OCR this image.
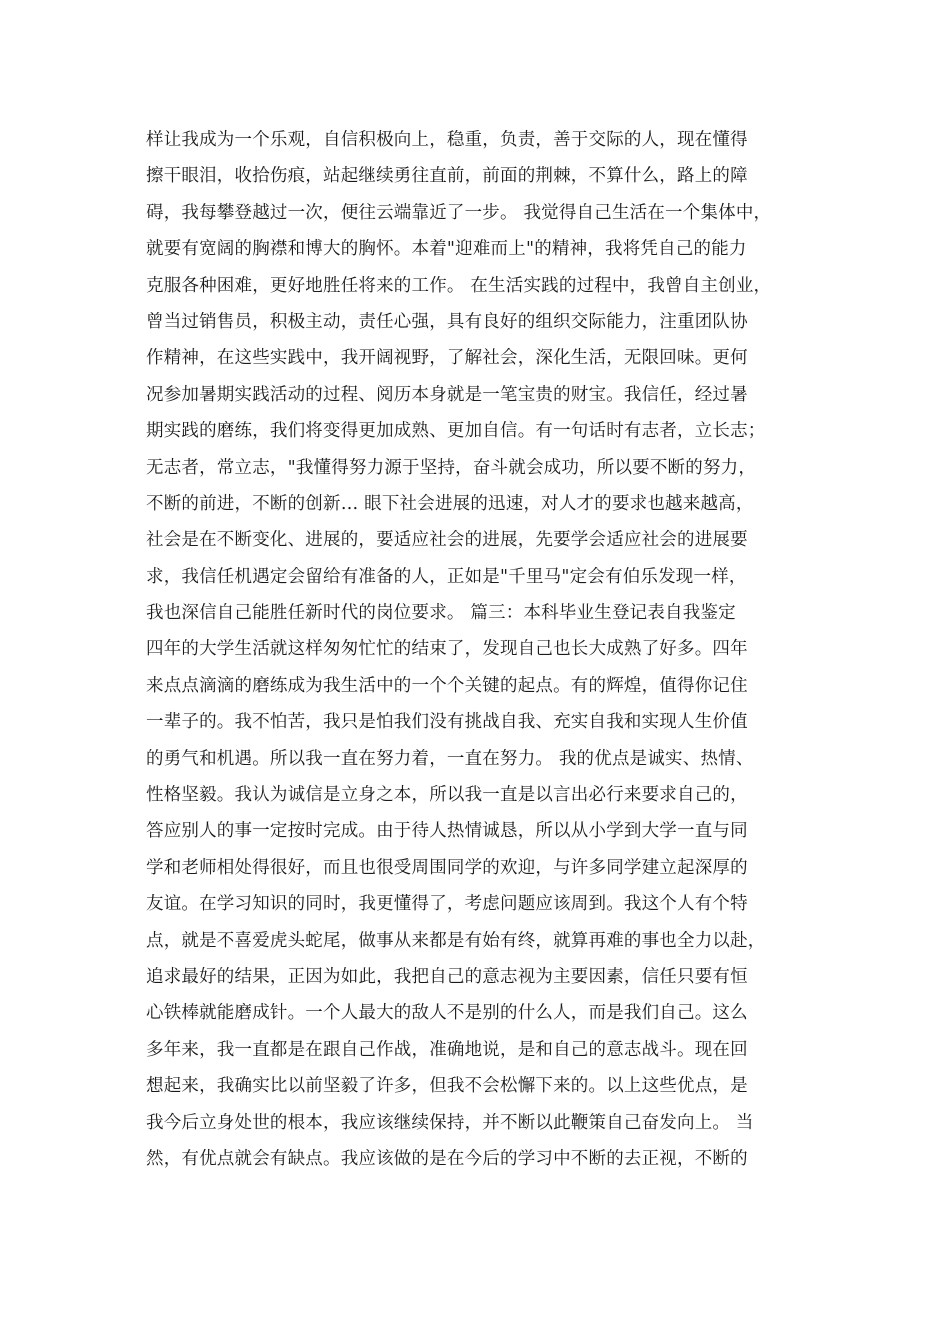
样让我成为一个乐观，自信积极向上，稳重，负责，善于交际的人，现在懂得
擦干眼泪，收拾伤痕，站起继续勇往直前，前面的荆棘，不算什么，路上的障
碍，我每攀登越过一次，便往云端靠近了一步。 我觉得自己生活在一个集体中，
就要有宽阔的胸襟和博大的胸怀。本着"迎难而上"的精神，我将凭自己的能力
克服各种困难，更好地胜任将来的工作。 在生活实践的过程中，我曾自主创业，
曾当过销售员，积极主动，责任心强，具有良好的组织交际能力，注重团队协
作精神，在这些实践中，我开阔视野，了解社会，深化生活，无限回味。更何
况参加暑期实践活动的过程、阅历本身就是一笔宝贵的财宝。我信任，经过暑
期实践的磨练，我们将变得更加成熟、更加自信。有一句话时有志者，立长志；
无志者，常立志，"我懂得努力源于坚持，奋斗就会成功，所以要不断的努力，
不断的前进，不断的创新… 眼下社会进展的迅速，对人才的要求也越来越高，
社会是在不断变化、进展的，要适应社会的进展，先要学会适应社会的进展要
求，我信任机遇定会留给有准备的人，正如是"千里马"定会有伯乐发现一样，
我也深信自己能胜任新时代的岗位要求。 篇三：本科毕业生登记表自我鉴定
四年的大学生活就这样匆匆忙忙的结束了，发现自己也长大成熟了好多。四年
来点点滴滴的磨练成为我生活中的一个个关键的起点。有的辉煌，值得你记住
一辈子的。我不怕苦，我只是怕我们没有挑战自我、充实自我和实现人生价值
的勇气和机遇。所以我一直在努力着，一直在努力。 我的优点是诚实、热情、
性格坚毅。我认为诚信是立身之本，所以我一直是以言出必行来要求自己的，
答应别人的事一定按时完成。由于待人热情诚恳，所以从小学到大学一直与同
学和老师相处得很好，而且也很受周围同学的欢迎，与许多同学建立起深厚的
友谊。在学习知识的同时，我更懂得了，考虑问题应该周到。我这个人有个特
点，就是不喜爱虎头蛇尾，做事从来都是有始有终，就算再难的事也全力以赴，
追求最好的结果，正因为如此，我把自己的意志视为主要因素，信任只要有恒
心铁棒就能磨成针。一个人最大的敌人不是别的什么人，而是我们自己。这么
多年来，我一直都是在跟自己作战，准确地说，是和自己的意志战斗。现在回
想起来，我确实比以前坚毅了许多，但我不会松懈下来的。以上这些优点，是
我今后立身处世的根本，我应该继续保持，并不断以此鞭策自己奋发向上。 当
然，有优点就会有缺点。我应该做的是在今后的学习中不断的去正视，不断的
